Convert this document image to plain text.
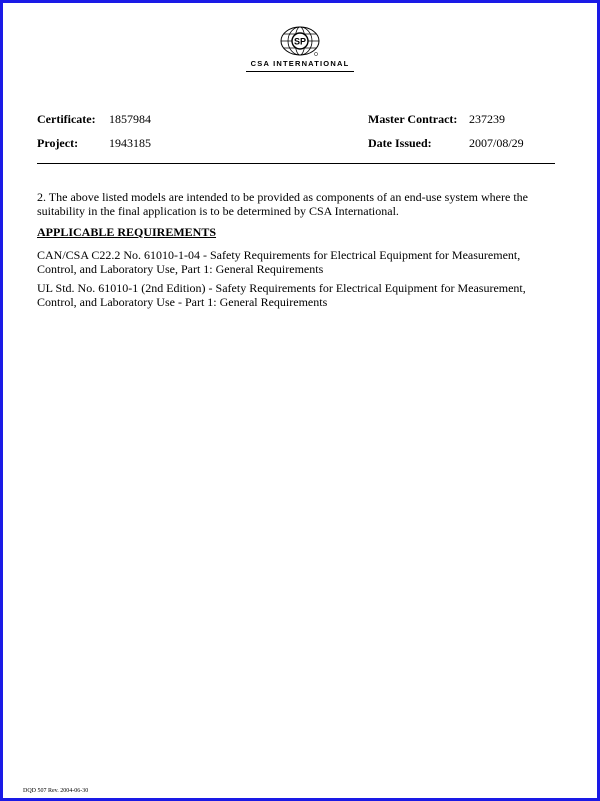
SP
CSA INTERNATIONAL
Certificate: 1857984	Master Contract: 237239
Project:	1943185	Date Issued:	2007/08/29
2. The above listed models are intended to be provided as components of an end-use system where the suitability in the final application is to be determined by CSA International.
APPLICABLE REQUIREMENTS
CAN/CSA C22.2 No. 61010-1-04 - Safety Requirements for Electrical Equipment for Measurement, Control, and Laboratory Use, Part 1: General Requirements
UL Std. No. 61010-1 (2nd Edition) - Safety Requirements for Electrical Equipment for Measurement, Control, and Laboratory Use - Part 1: General Requirements
DQD 507 Rev. 2004-06-30
